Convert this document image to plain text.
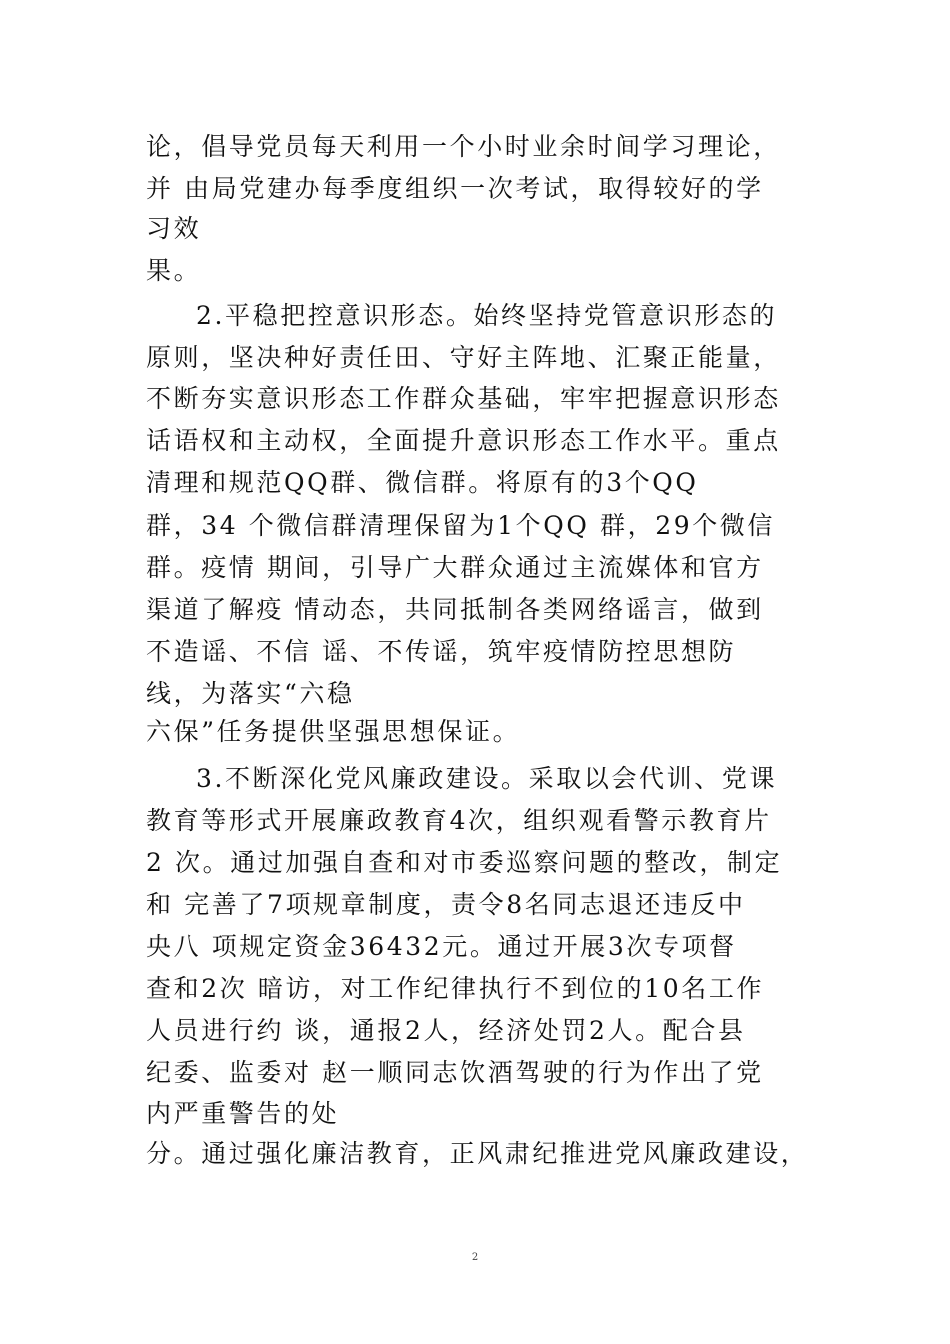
论，倡导党员每天利用一个小时业余时间学习理论，
并 由局党建办每季度组织一次考试，取得较好的学
习效
果。
2.平稳把控意识形态。始终坚持党管意识形态的
原则，坚决种好责任田、守好主阵地、汇聚正能量，
不断夯实意识形态工作群众基础，牢牢把握意识形态
话语权和主动权，全面提升意识形态工作水平。重点
清理和规范QQ群、微信群。将原有的3个QQ
群，34 个微信群清理保留为1个QQ 群，29个微信
群。疫情 期间，引导广大群众通过主流媒体和官方
渠道了解疫 情动态，共同抵制各类网络谣言，做到
不造谣、不信 谣、不传谣，筑牢疫情防控思想防
线，为落实“六稳
六保”任务提供坚强思想保证。
3.不断深化党风廉政建设。采取以会代训、党课
教育等形式开展廉政教育4次，组织观看警示教育片
2 次。通过加强自查和对市委巡察问题的整改，制定
和 完善了7项规章制度，责令8名同志退还违反中
央八 项规定资金36432元。通过开展3次专项督
查和2次 暗访，对工作纪律执行不到位的10名工作
人员进行约 谈，通报2人，经济处罚2人。配合县
纪委、监委对 赵一顺同志饮酒驾驶的行为作出了党
内严重警告的处
分。通过强化廉洁教育，正风肃纪推进党风廉政建设，
2
